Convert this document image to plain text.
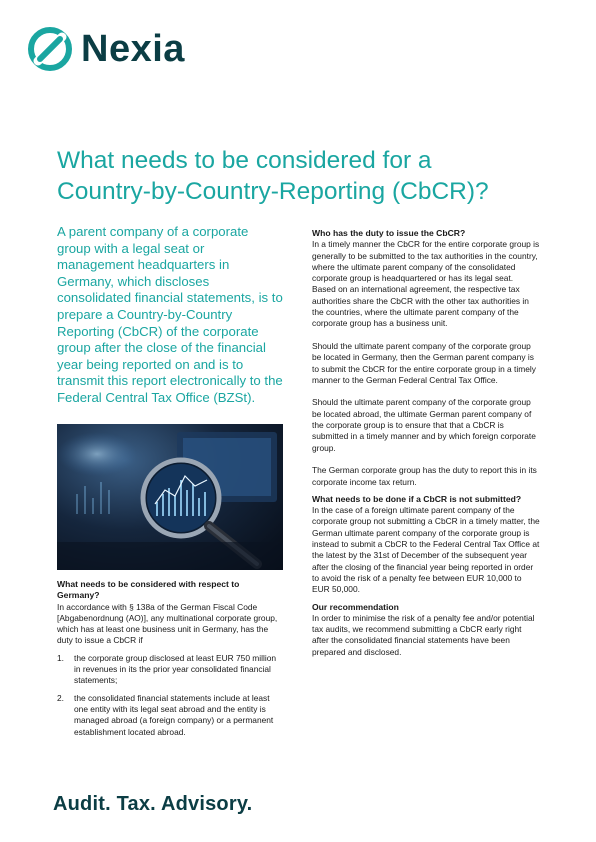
Nexia
What needs to be considered for a
Country-by-Country-Reporting (CbCR)?

A parent company of a corporate group with a legal seat or management headquarters in Germany, which discloses consolidated financial statements, is to prepare a Country-by-Country Reporting (CbCR) of the corporate group after the close of the financial year being reported on and is to transmit this report electronically to the Federal Central Tax Office (BZSt).

What needs to be considered with respect to Germany?

In accordance with § 138a of the German Fiscal Code [Abgabenordnung (AO)], any multinational corporate group, which has at least one business unit in Germany, has the duty to issue a CbCR if

1.	the corporate group disclosed at least EUR 750 million in revenues in its the prior year consolidated financial statements;
2.	the consolidated financial statements include at least one entity with its legal seat abroad and the entity is managed abroad (a foreign company) or a permanent establishment located abroad.
Who has the duty to issue the CbCR?

In a timely manner the CbCR for the entire corporate group is generally to be submitted to the tax authorities in the country, where the ultimate parent company of the consolidated corporate group is headquartered or has its legal seat.

Based on an international agreement, the respective tax authorities share the CbCR with the other tax authorities in the countries, where the ultimate parent company of the corporate group has a business unit.

Should the ultimate parent company of the corporate group be located in Germany, then the German parent company is to submit the CbCR for the entire corporate group in a timely manner to the German Federal Central Tax Office.

Should the ultimate parent company of the corporate group be located abroad, the ultimate German parent company of the corporate group is to ensure that that a CbCR is submitted in a timely manner and by which foreign corporate group.

The German corporate group has the duty to report this in its corporate income tax return.

What needs to be done if a CbCR is not submitted?

In the case of a foreign ultimate parent company of the corporate group not submitting a CbCR in a timely matter, the German ultimate parent company of the corporate group is instead to submit a CbCR to the Federal Central Tax Office at the latest by the 31st of December of the subsequent year after the closing of the financial year being reported in order to avoid the risk of a penalty fee between EUR 10,000 to EUR 50,000.

Our recommendation

In order to minimise the risk of a penalty fee and/or potential tax audits, we recommend submitting a CbCR early right after the consolidated financial statements have been prepared and disclosed.

Audit. Tax. Advisory.
